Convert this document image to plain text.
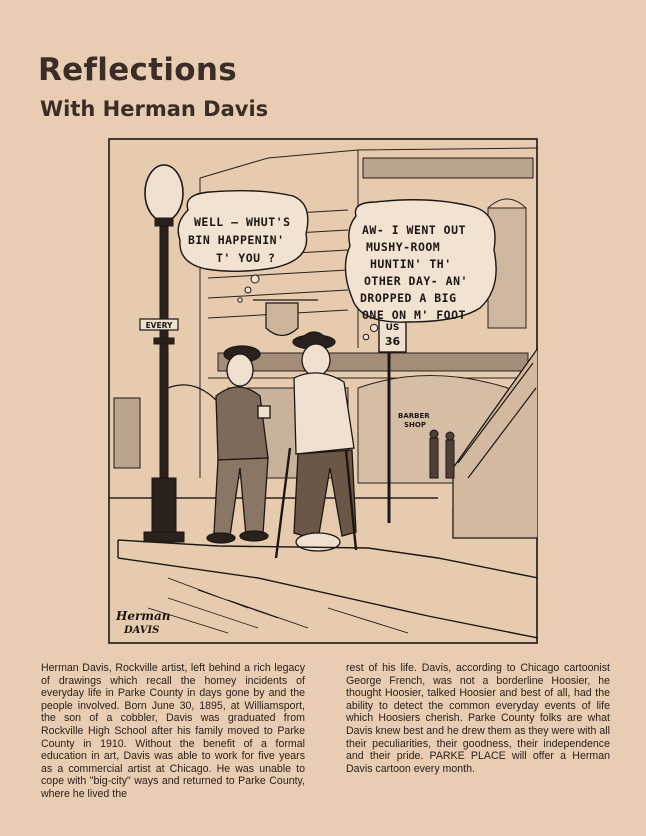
Reflections
With Herman Davis
US
36
BARBER
SHOP
EVERY
WELL — WHUT'S
BIN HAPPENIN'
T' YOU ?
AW- I WENT OUT
MUSHY-ROOM
HUNTIN' TH'
OTHER DAY- AN'
DROPPED A BIG
ONE ON M' FOOT
Herman
DAVIS

Herman Davis, Rockville artist, left behind a rich legacy of drawings which recall the homey incidents of everyday life in Parke County in days gone by and the people involved. Born June 30, 1895, at Williamsport, the son of a cobbler, Davis was graduated from Rockville High School after his family moved to Parke County in 1910. Without the benefit of a formal education in art, Davis was able to work for five years as a commercial artist at Chicago. He was unable to cope with "big-city" ways and returned to Parke County, where he lived the

rest of his life. Davis, according to Chicago cartoonist George French, was not a borderline Hoosier, he thought Hoosier, talked Hoosier and best of all, had the ability to detect the common everyday events of life which Hoosiers cherish. Parke County folks are what Davis knew best and he drew them as they were with all their peculiarities, their goodness, their independence and their pride. PARKE PLACE will offer a Herman Davis cartoon every month.
